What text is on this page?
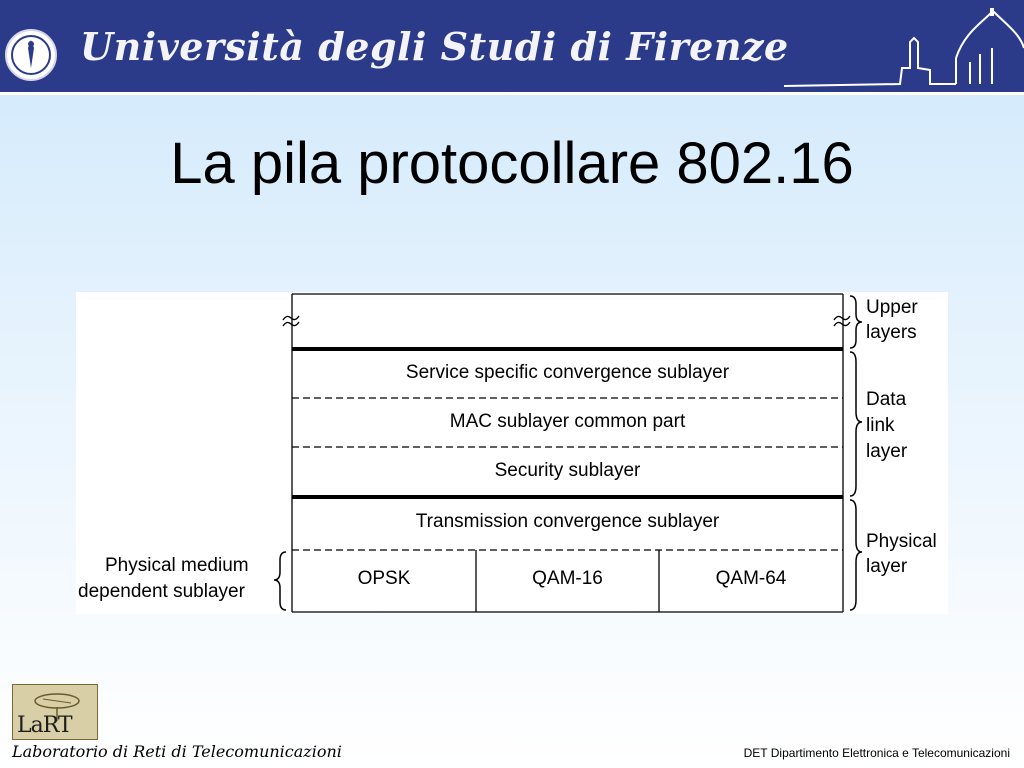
Università degli Studi di Firenze
La pila protocollare 802.16
Service specific convergence sublayer
MAC sublayer common part
Security sublayer
Transmission convergence sublayer
OPSK	QAM-16	QAM-64
Upper
layers
Data
link
layer
Physical
layer
Physical medium
dependent sublayer
LaRT
Laboratorio di Reti di Telecomunicazioni	DET Dipartimento Elettronica e Telecomunicazioni
